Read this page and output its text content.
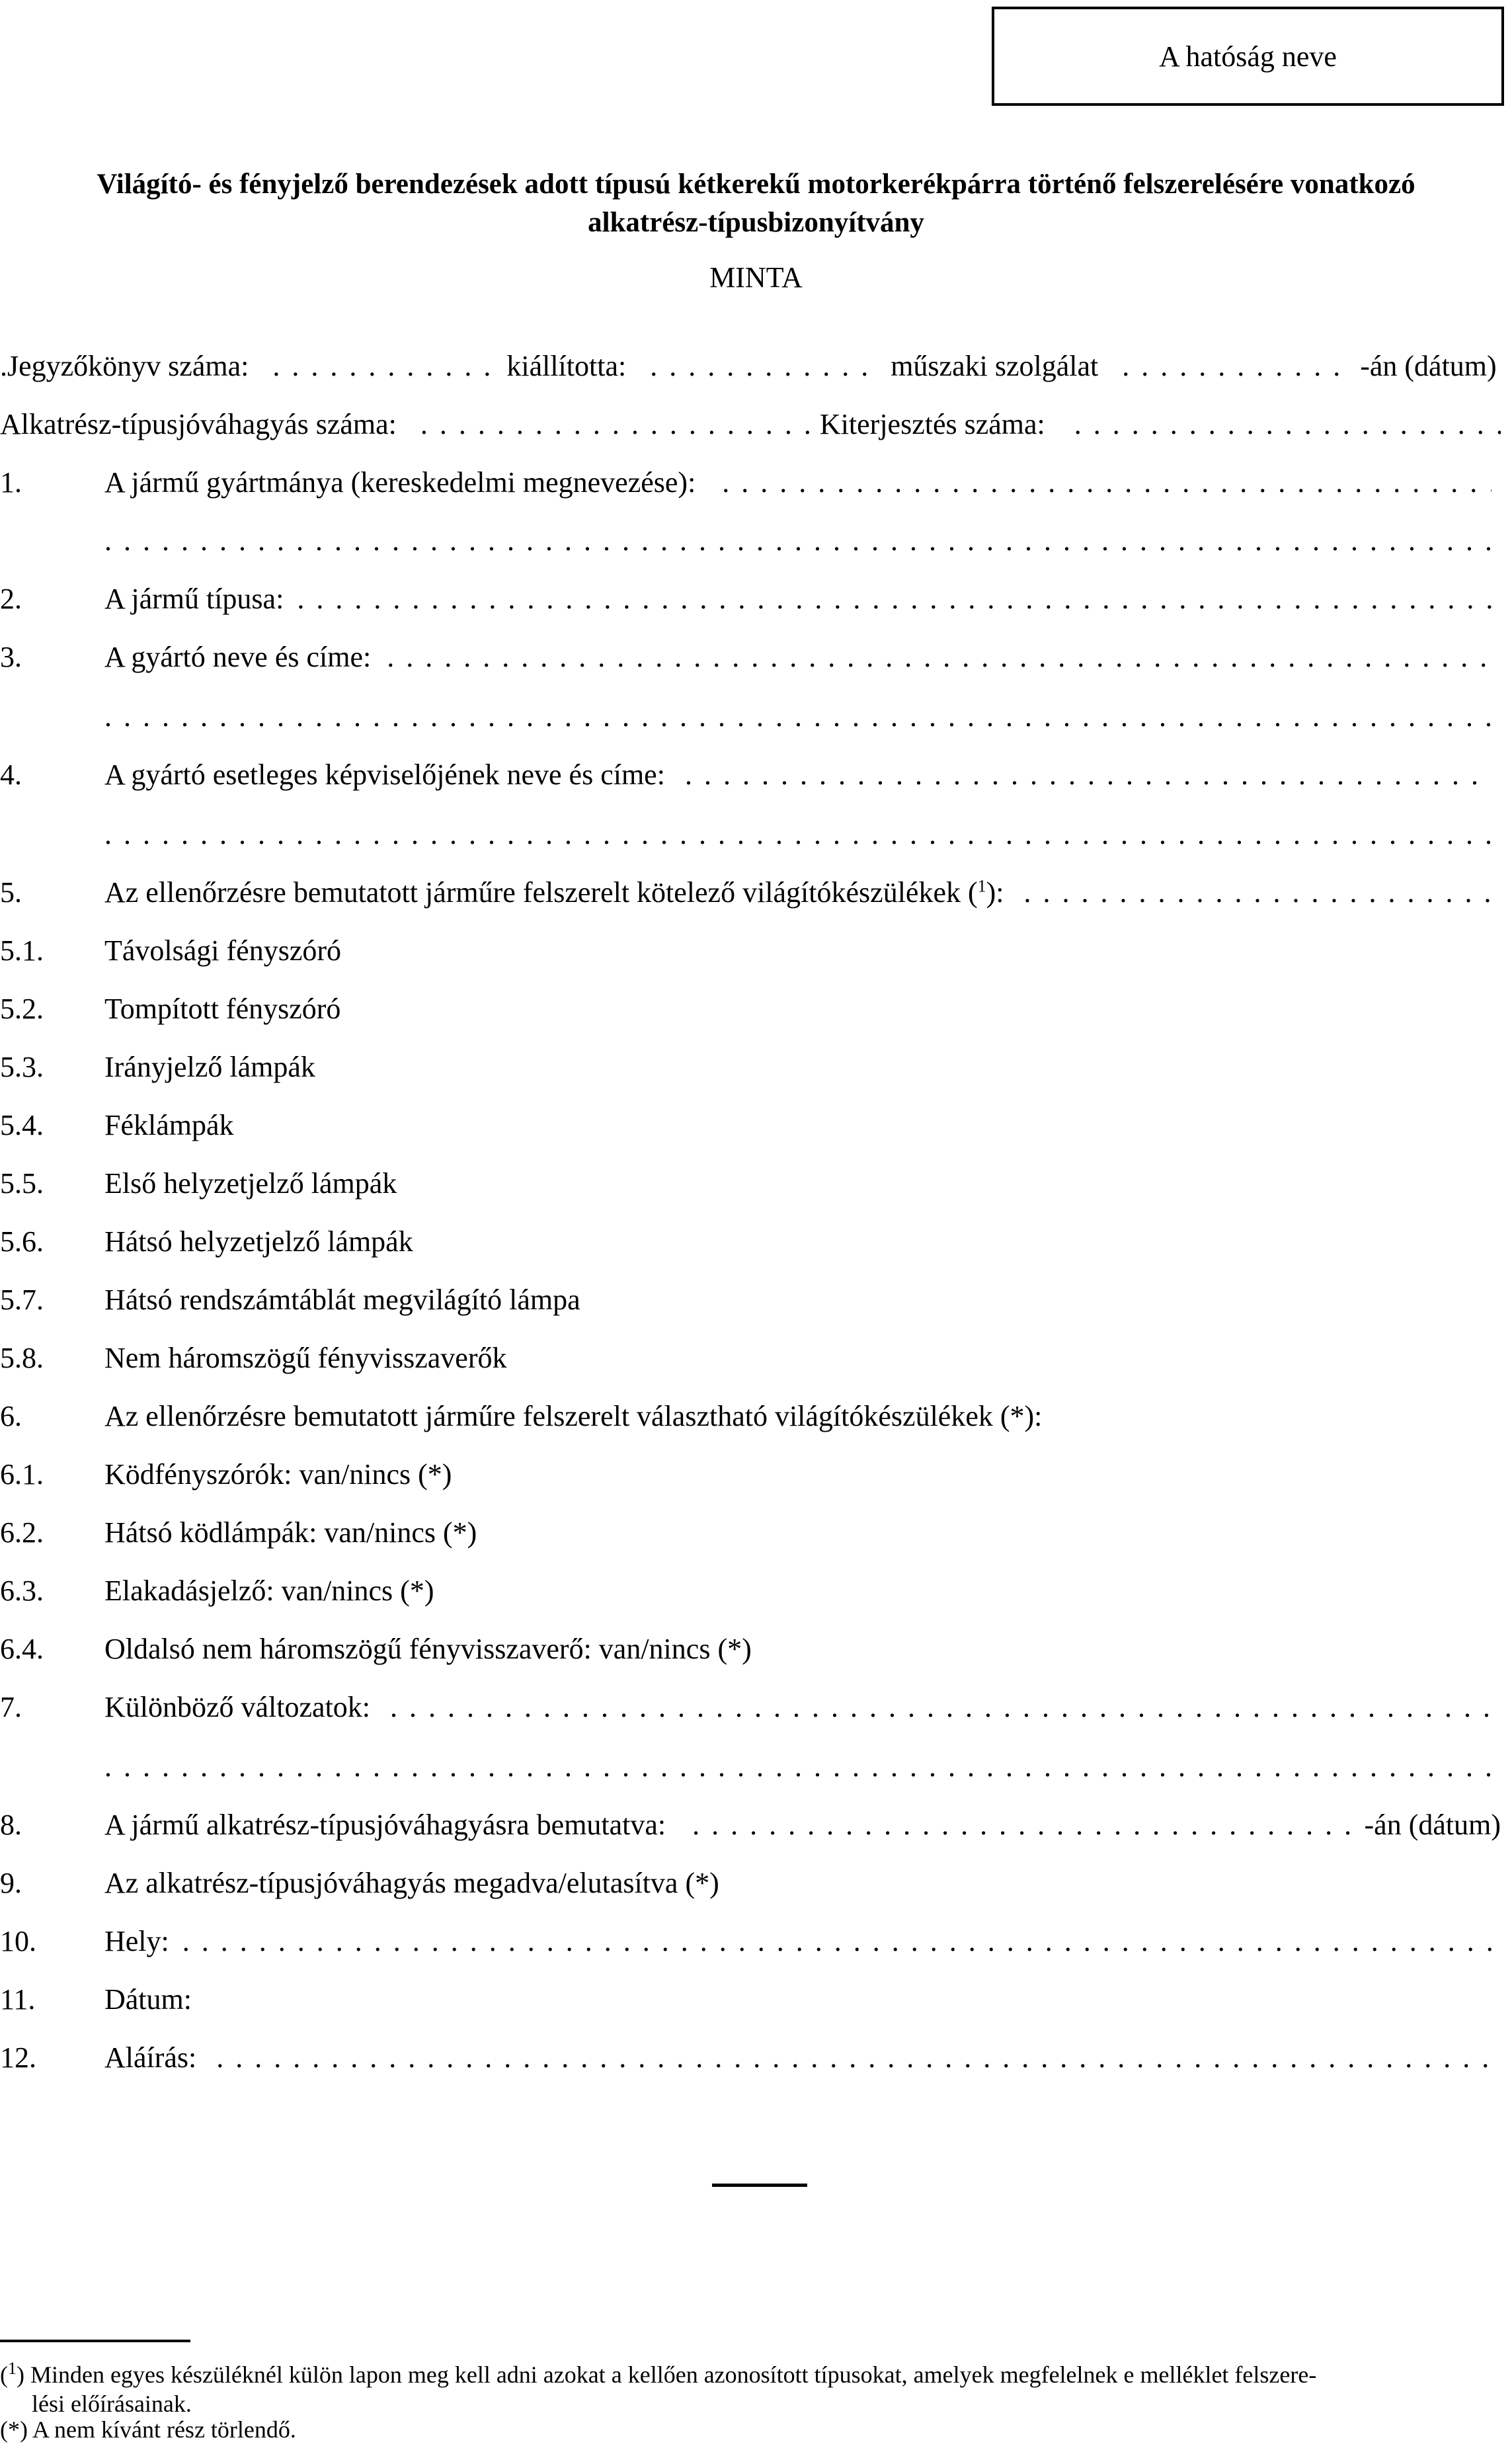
A hatóság neve
Világító- és fényjelző berendezések adott típusú kétkerekű motorkerékpárra történő felszerelésére vonatkozó
alkatrész-típusbizonyítvány
MINTA
.Jegyzőkönyv száma: . . .	kiállította: . . .	műszaki szolgálat . . .	-án (dátum)
Alkatrész-típusjóváhagyás száma: . . .	Kiterjesztés száma:
. . .
1.	A jármű gyártmánya (kereskedelmi megnevezése):
. . .
. . .
2.	A jármű típusa:
. . .
3.	A gyártó neve és címe:
. . .
. . .
4.	A gyártó esetleges képviselőjének neve és címe:
. . .
. . .
5.	Az ellenőrzésre bemutatott járműre felszerelt kötelező világítókészülékek ($^1$):
. . .
5.1.	Távolsági fényszóró
5.2.	Tompított fényszóró
5.3.	Irányjelző lámpák
5.4.	Féklámpák
5.5.	Első helyzetjelző lámpák
5.6.	Hátsó helyzetjelző lámpák
5.7.	Hátsó rendszámtáblát megvilágító lámpa
5.8.	Nem háromszögű fényvisszaverők
6.	Az ellenőrzésre bemutatott járműre felszerelt választható világítókészülékek (*):
6.1.	Ködfényszórók: van/nincs (*)
6.2.	Hátsó ködlámpák: van/nincs (*)
6.3.	Elakadásjelző: van/nincs (*)
6.4.	Oldalsó nem háromszögű fényvisszaverő: van/nincs (*)
7.	Különböző változatok:
. . .
. . .
8.	A jármű alkatrész-típusjóváhagyásra bemutatva: . . .	-án (dátum)
9.	Az alkatrész-típusjóváhagyás megadva/elutasítva (*)
10.	Hely:
. . .
11.	Dátum:
12.	Aláírás:
. . .
($^1$) Minden egyes készüléknél külön lapon meg kell adni azokat a kellően azonosított típusokat, amelyek megfelelnek e melléklet felszere-
lési előírásainak.
(*) A nem kívánt rész törlendő.
